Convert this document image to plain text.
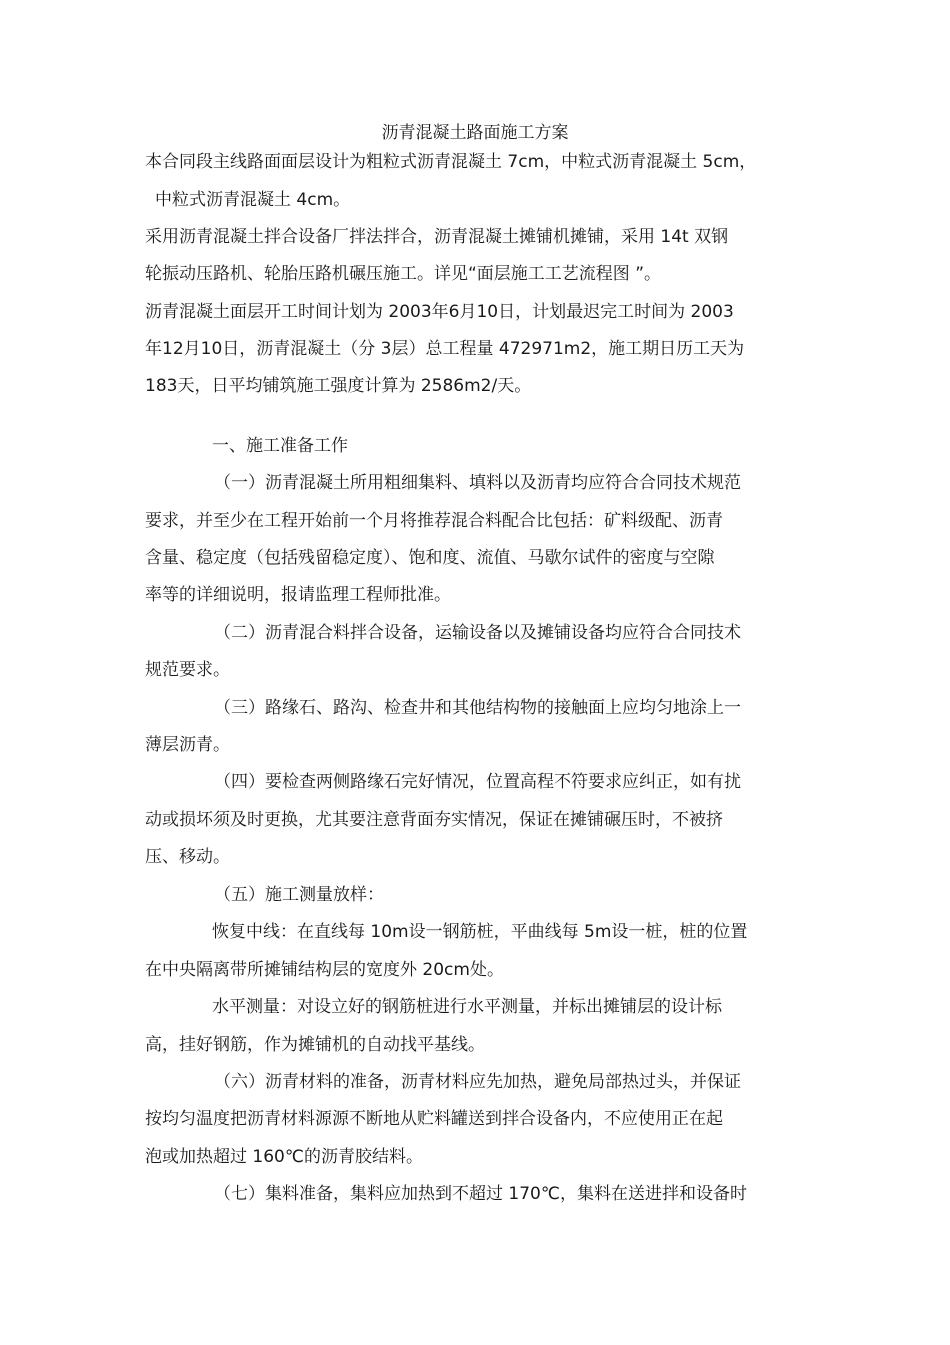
沥青混凝土路面施工方案
本合同段主线路面面层设计为粗粒式沥青混凝土 7cm，中粒式沥青混凝土 5cm，
中粒式沥青混凝土 4cm。
采用沥青混凝土拌合设备厂拌法拌合，沥青混凝土摊铺机摊铺，采用 14t 双钢
轮振动压路机、轮胎压路机碾压施工。详见“面层施工工艺流程图 ”。
沥青混凝土面层开工时间计划为 2003年6月10日，计划最迟完工时间为 2003
年12月10日，沥青混凝土（分 3层）总工程量 472971m2，施工期日历工天为
183天，日平均铺筑施工强度计算为 2586m2/天。
一、施工准备工作
（一）沥青混凝土所用粗细集料、填料以及沥青均应符合合同技术规范
要求，并至少在工程开始前一个月将推荐混合料配合比包括：矿料级配、沥青
含量、稳定度（包括残留稳定度）、饱和度、流值、马歇尔试件的密度与空隙
率等的详细说明，报请监理工程师批准。
（二）沥青混合料拌合设备，运输设备以及摊铺设备均应符合合同技术
规范要求。
（三）路缘石、路沟、检查井和其他结构物的接触面上应均匀地涂上一
薄层沥青。
（四）要检查两侧路缘石完好情况，位置高程不符要求应纠正，如有扰
动或损坏须及时更换，尤其要注意背面夯实情况，保证在摊铺碾压时，不被挤
压、移动。
（五）施工测量放样：
恢复中线：在直线每 10m设一钢筋桩，平曲线每 5m设一桩，桩的位置
在中央隔离带所摊铺结构层的宽度外 20cm处。
水平测量：对设立好的钢筋桩进行水平测量，并标出摊铺层的设计标
高，挂好钢筋，作为摊铺机的自动找平基线。
（六）沥青材料的准备，沥青材料应先加热，避免局部热过头，并保证
按均匀温度把沥青材料源源不断地从贮料罐送到拌合设备内，不应使用正在起
泡或加热超过 160℃的沥青胶结料。
（七）集料准备，集料应加热到不超过 170℃，集料在送进拌和设备时
